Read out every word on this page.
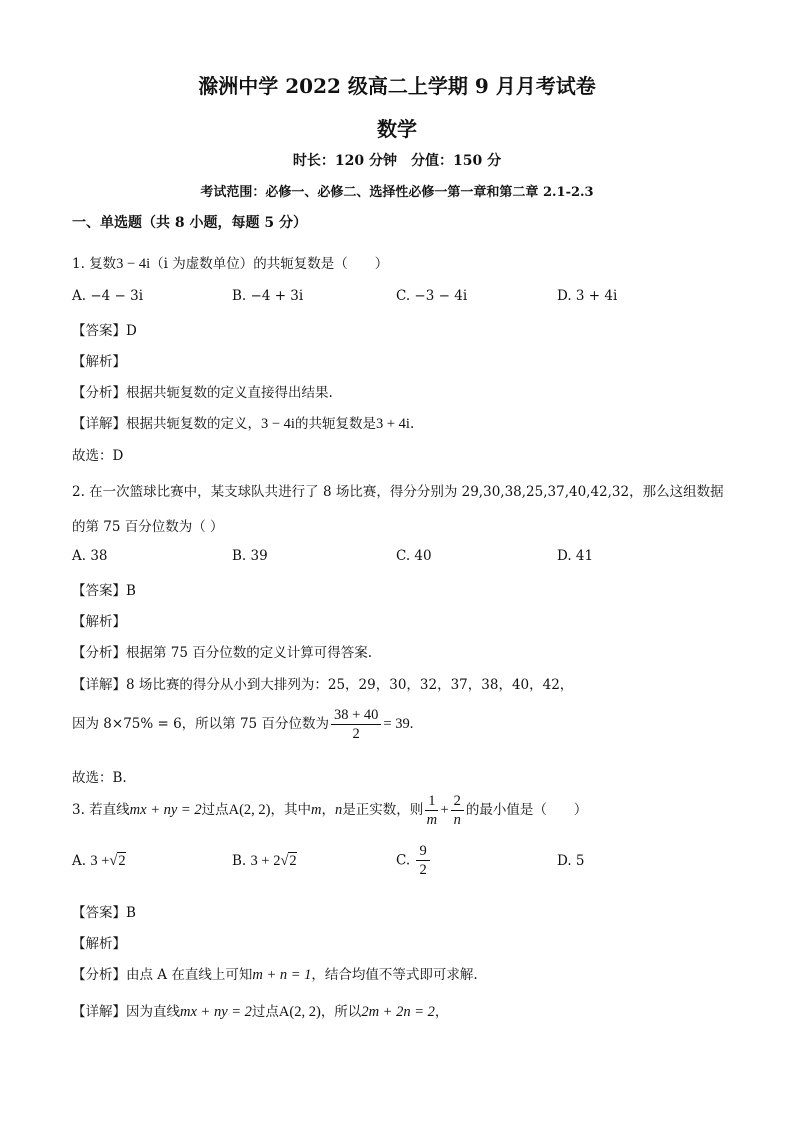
滁洲中学 2022 级高二上学期 9 月月考试卷
数学
时长：120 分钟　分值：150 分
考试范围：必修一、必修二、选择性必修一第一章和第二章 2.1-2.3
一、单选题（共 8 小题，每题 5 分）
1. 复数3 − 4i（i 为虚数单位）的共轭复数是（　　）
A. −4 − 3i	B. −4 + 3i	C. −3 − 4i	D. 3 + 4i
【答案】D
【解析】
【分析】根据共轭复数的定义直接得出结果.
【详解】根据共轭复数的定义，3 − 4i的共轭复数是3 + 4i.
故选：D
2. 在一次篮球比赛中，某支球队共进行了 8 场比赛，得分分别为 29,30,38,25,37,40,42,32，那么这组数据
的第 75 百分位数为（ ）
A. 38	B. 39	C. 40	D. 41
【答案】B
【解析】
【分析】根据第 75 百分位数的定义计算可得答案.
【详解】8 场比赛的得分从小到大排列为：25，29，30，32，37，38，40，42，
因为 8×75% = 6，所以第 75 百分位数为 $\frac{38 + 40}{2} = 39$.
故选：B.
3. 若直线mx + ny = 2过点A(2, 2)，其中m，n是正实数，则 $\frac{1}{m} + \frac{2}{n}$ 的最小值是（　　）
A. 3 +√2	B. 3 + 2√2	C. $\frac{9}{2}$	D. 5
【答案】B
【解析】
【分析】由点 A 在直线上可知m + n = 1，结合均值不等式即可求解.
【详解】因为直线mx + ny = 2过点A(2, 2)，所以2m + 2n = 2，
